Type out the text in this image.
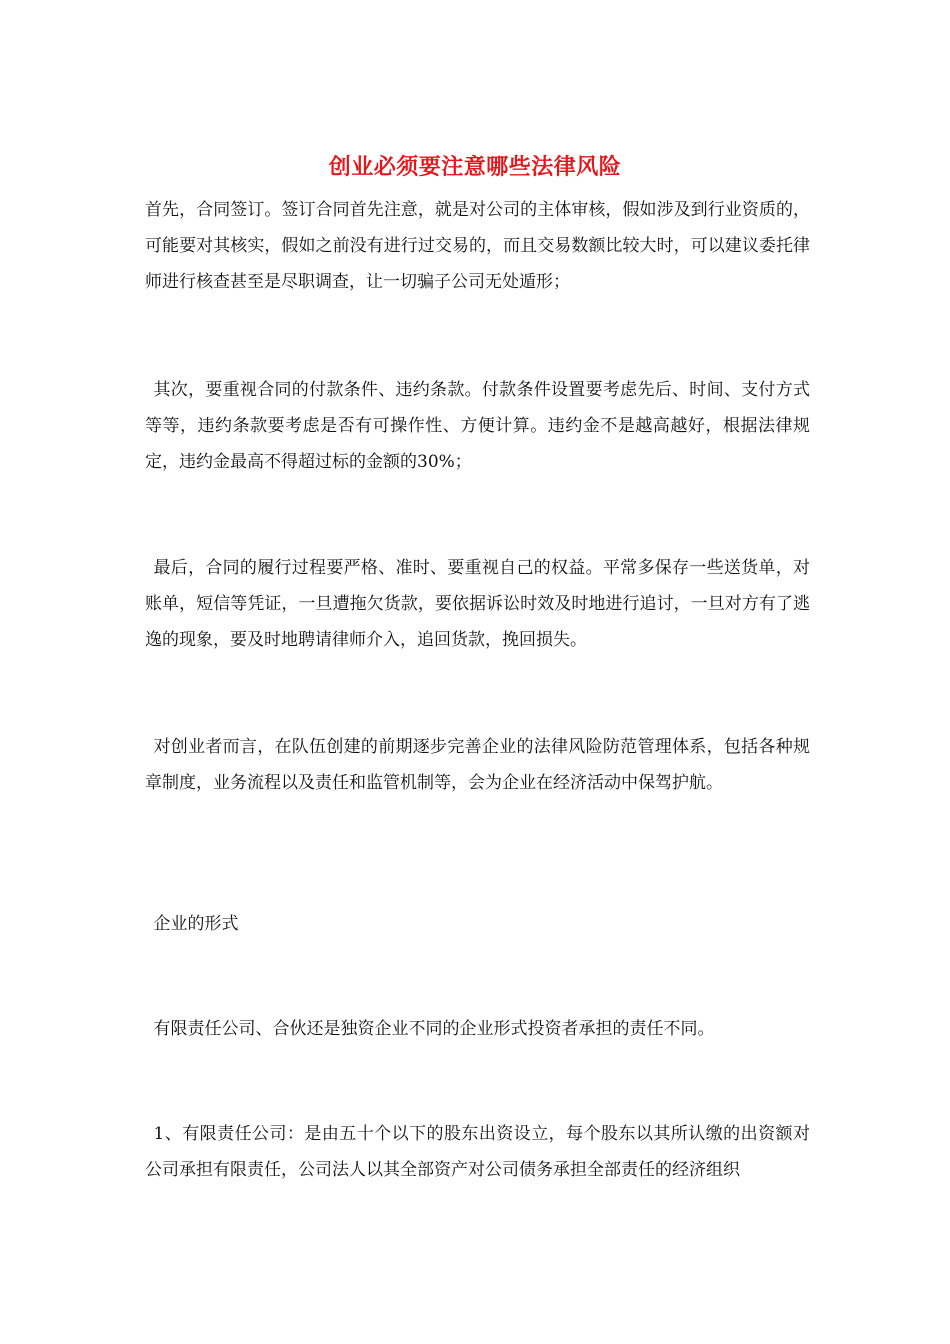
创业必须要注意哪些法律风险

首先，合同签订。签订合同首先注意，就是对公司的主体审核，假如涉及到行业资质的，可能要对其核实，假如之前没有进行过交易的，而且交易数额比较大时，可以建议委托律师进行核查甚至是尽职调查，让一切骗子公司无处遁形；

其次，要重视合同的付款条件、违约条款。付款条件设置要考虑先后、时间、支付方式等等，违约条款要考虑是否有可操作性、方便计算。违约金不是越高越好，根据法律规定，违约金最高不得超过标的金额的30%；

最后，合同的履行过程要严格、准时、要重视自己的权益。平常多保存一些送货单，对账单，短信等凭证，一旦遭拖欠货款，要依据诉讼时效及时地进行追讨，一旦对方有了逃逸的现象，要及时地聘请律师介入，追回货款，挽回损失。

对创业者而言，在队伍创建的前期逐步完善企业的法律风险防范管理体系，包括各种规章制度，业务流程以及责任和监管机制等，会为企业在经济活动中保驾护航。

企业的形式

有限责任公司、合伙还是独资企业不同的企业形式投资者承担的责任不同。

1、有限责任公司：是由五十个以下的股东出资设立，每个股东以其所认缴的出资额对公司承担有限责任，公司法人以其全部资产对公司债务承担全部责任的经济组织
